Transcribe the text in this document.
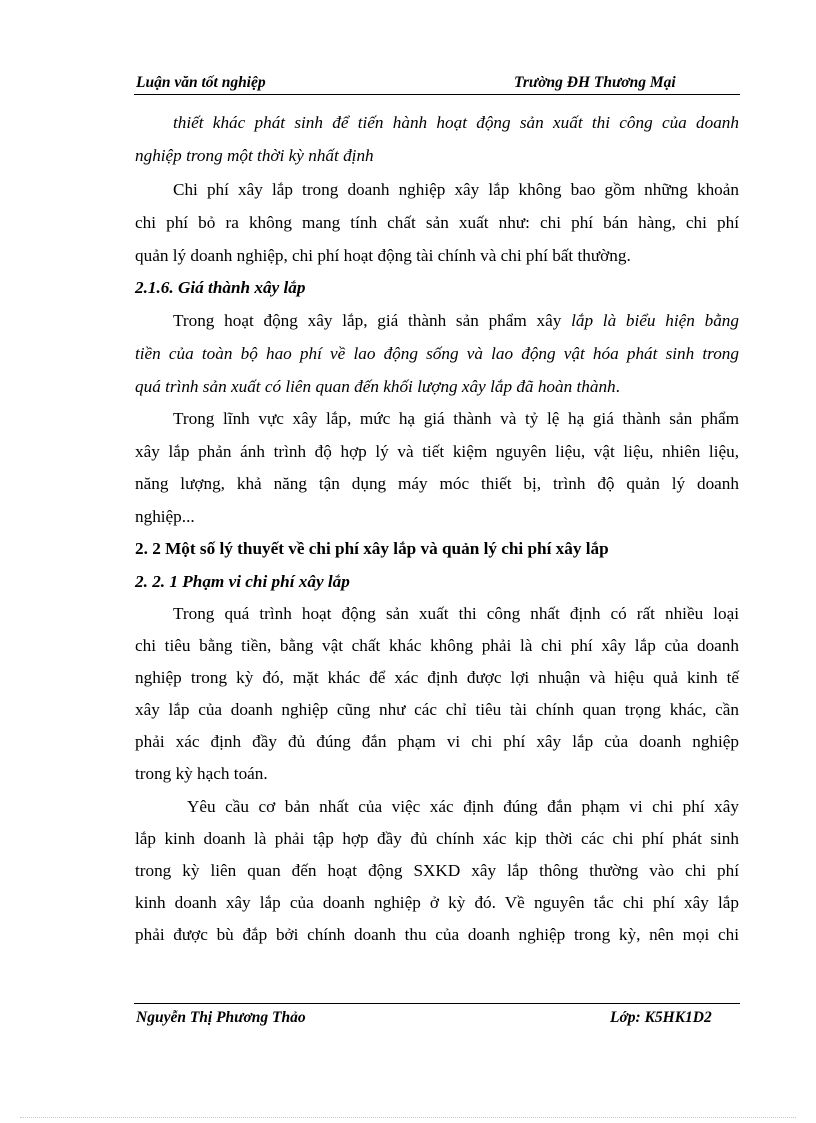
Luận văn tốt nghiệp	Trường ĐH Thương Mại
thiết khác phát sinh để tiến hành hoạt động sản xuất thi công của doanh
nghiệp trong một thời kỳ nhất định
Chi phí xây lắp trong doanh nghiệp xây lắp không bao gồm những khoản
chi phí bỏ ra không mang tính chất sản xuất như: chi phí bán hàng, chi phí
quản lý doanh nghiệp, chi phí hoạt động tài chính và chi phí bất thường.
2.1.6. Giá thành xây lắp
Trong hoạt động xây lắp, giá thành sản phẩm xây lắp là biểu hiện bằng
tiền của toàn bộ hao phí về lao động sống và lao động vật hóa phát sinh trong
quá trình sản xuất có liên quan đến khối lượng xây lắp đã hoàn thành.
Trong lĩnh vực xây lắp, mức hạ giá thành và tỷ lệ hạ giá thành sản phẩm
xây lắp phản ánh trình độ hợp lý và tiết kiệm nguyên liệu, vật liệu, nhiên liệu,
năng lượng, khả năng tận dụng máy móc thiết bị, trình độ quản lý doanh
nghiệp...
2. 2 Một số lý thuyết về chi phí xây lắp và quản lý chi phí xây lắp
2. 2. 1 Phạm vi chi phí xây lắp
Trong quá trình hoạt động sản xuất thi công nhất định có rất nhiều loại
chi tiêu bằng tiền, bằng vật chất khác không phải là chi phí xây lắp của doanh
nghiệp trong kỳ đó, mặt khác để xác định được lợi nhuận và hiệu quả kinh tế
xây lắp của doanh nghiệp cũng như các chỉ tiêu tài chính quan trọng khác, cần
phải xác định đầy đủ đúng đắn phạm vi chi phí xây lắp của doanh nghiệp
trong kỳ hạch toán.
Yêu cầu cơ bản nhất của việc xác định đúng đắn phạm vi chi phí xây
lắp kinh doanh là phải tập hợp đầy đủ chính xác kịp thời các chi phí phát sinh
trong kỳ liên quan đến hoạt động SXKD xây lắp thông thường vào chi phí
kinh doanh xây lắp của doanh nghiệp ở kỳ đó. Về nguyên tắc chi phí xây lắp
phải được bù đắp bởi chính doanh thu của doanh nghiệp trong kỳ, nên mọi chi
Nguyễn Thị Phương Thảo	Lớp: K5HK1D2
